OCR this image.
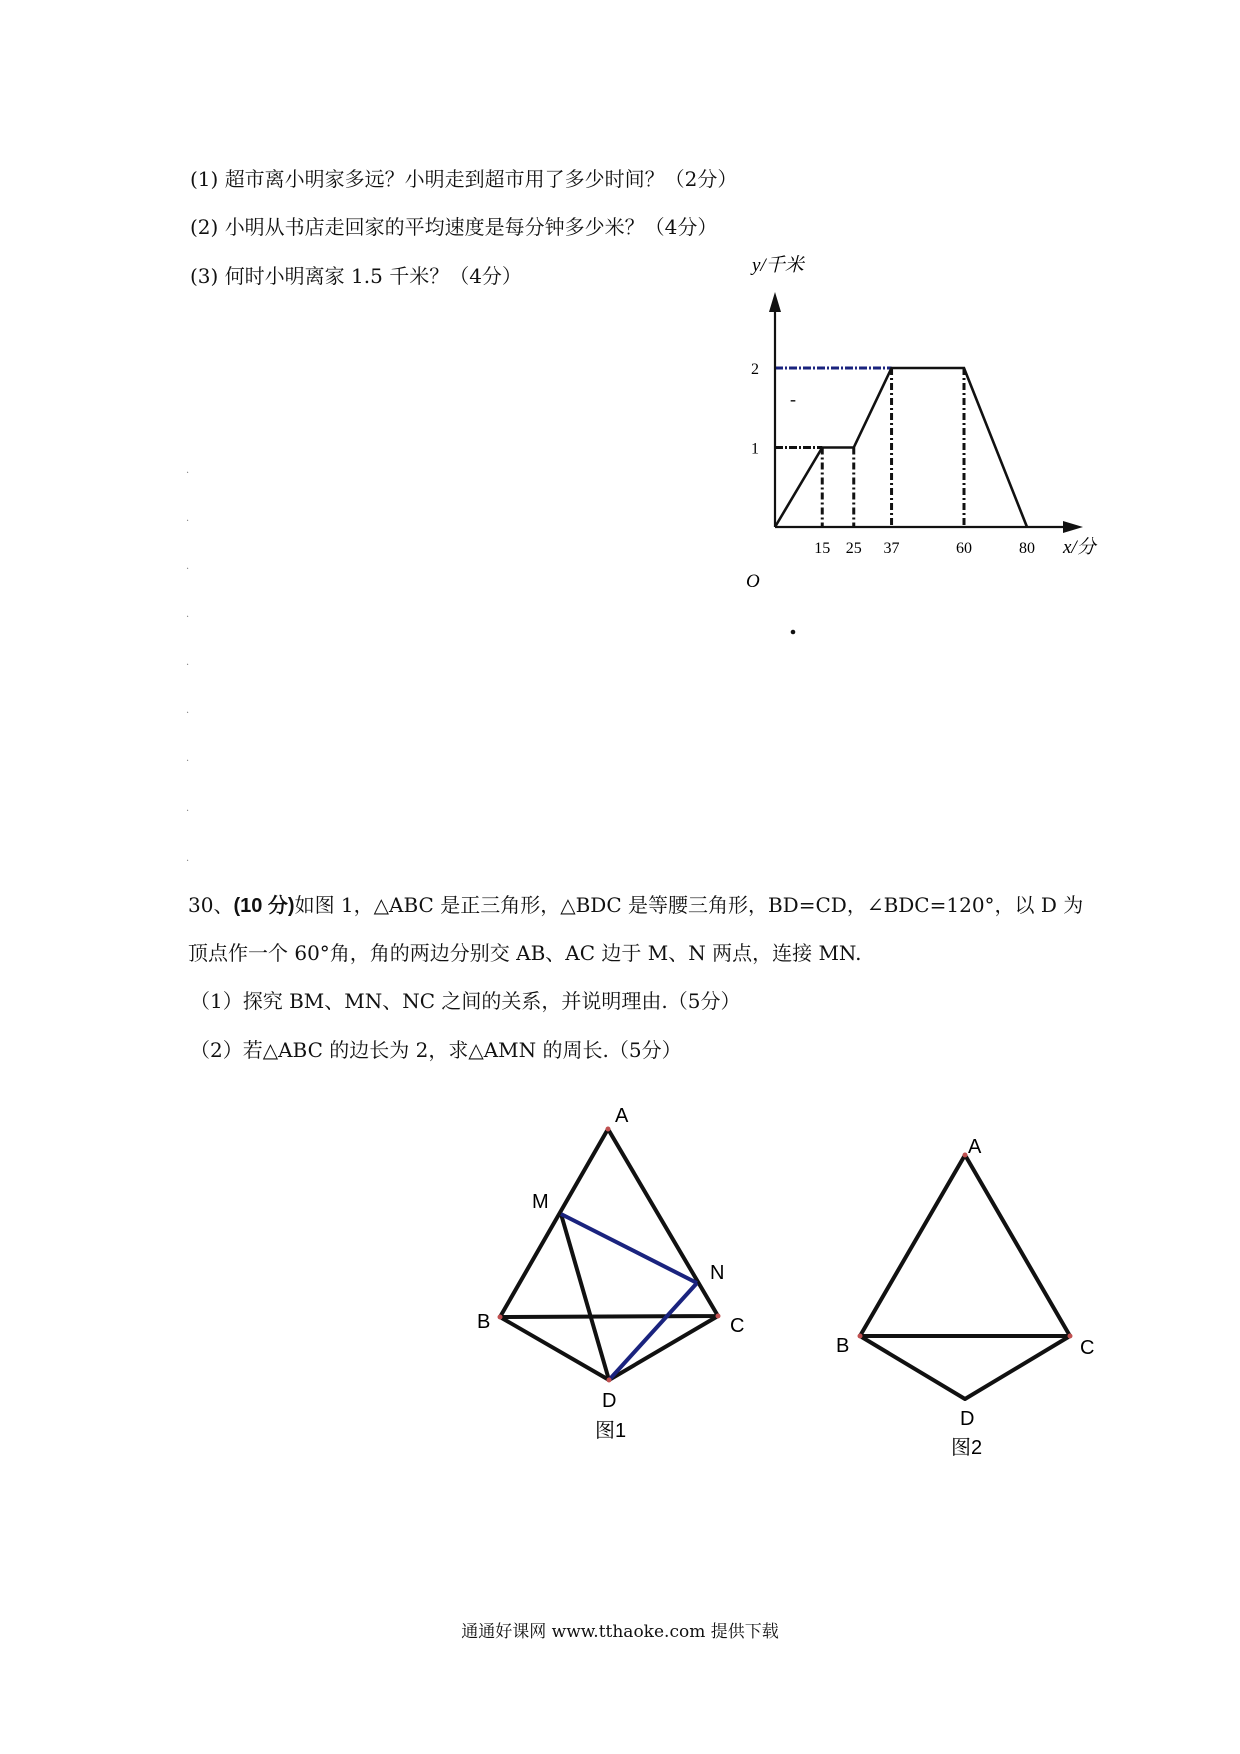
(1) 超市离小明家多远？小明走到超市用了多少时间？（2分）
(2) 小明从书店走回家的平均速度是每分钟多少米？（4分）
(3) 何时小明离家 1.5 千米？（4分）
·
·
·
·
·
·
·
·
·
15 25 37	60	80
1
2
y/千米
x/分
O
-
30、(10 分)如图 1，△ABC 是正三角形，△BDC 是等腰三角形，BD=CD，∠BDC=120°，以 D 为
顶点作一个 60°角，角的两边分别交 AB、AC 边于 M、N 两点，连接 MN.
（1）探究 BM、MN、NC 之间的关系，并说明理由.（5分）
（2）若△ABC 的边长为 2，求△AMN 的周长.（5分）
A
M
N
B	C
D
图1
A
B	C
D
图2
通通好课网 www.tthaoke.com 提供下载
